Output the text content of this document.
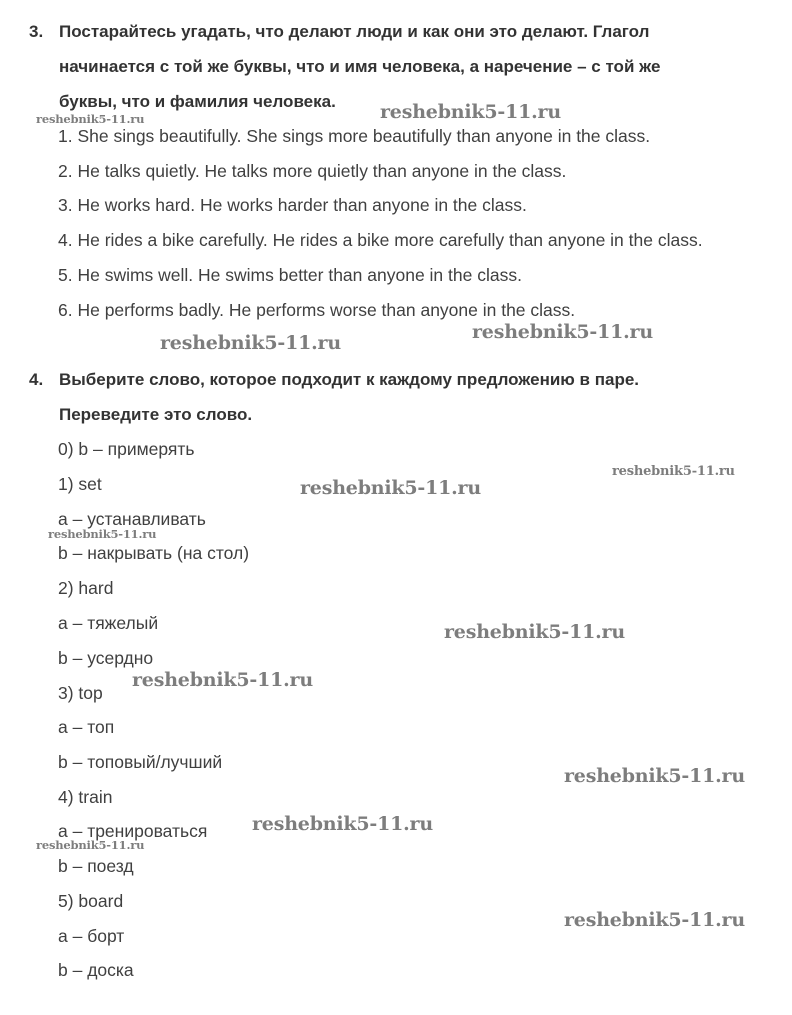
3. Постарайтесь угадать, что делают люди и как они это делают. Глагол
начинается с той же буквы, что и имя человека, а наречение – с той же
буквы, что и фамилия человека.
1. She sings beautifully. She sings more beautifully than anyone in the class.
2. He talks quietly. He talks more quietly than anyone in the class.
3. He works hard. He works harder than anyone in the class.
4. He rides a bike carefully. He rides a bike more carefully than anyone in the class.
5. He swims well. He swims better than anyone in the class.
6. He performs badly. He performs worse than anyone in the class.
4. Выберите слово, которое подходит к каждому предложению в паре.
Переведите это слово.
0) b – примерять
1) set
a – устанавливать
b – накрывать (на стол)
2) hard
a – тяжелый
b – усердно
3) top
a – топ
b – топовый/лучший
4) train
a – тренироваться
b – поезд
5) board
a – борт
b – доска
reshebnik5-11.ru
reshebnik5-11.ru
reshebnik5-11.ru	reshebnik5-11.ru
reshebnik5-11.ru
reshebnik5-11.ru
reshebnik5-11.ru
reshebnik5-11.ru
reshebnik5-11.ru
reshebnik5-11.ru
reshebnik5-11.ru
reshebnik5-11.ru
reshebnik5-11.ru
